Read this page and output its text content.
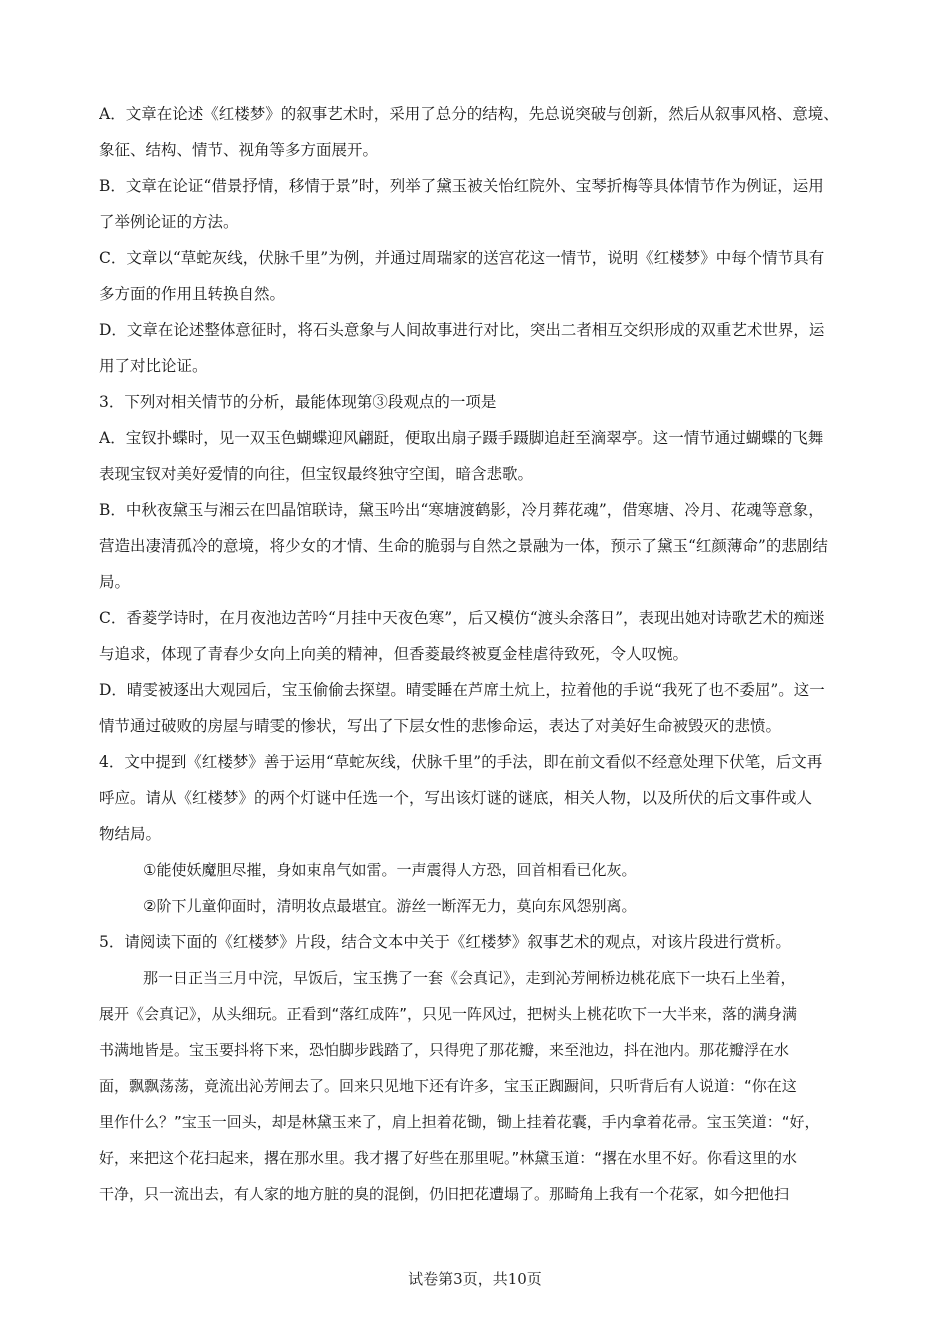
A．文章在论述《红楼梦》的叙事艺术时，采用了总分的结构，先总说突破与创新，然后从叙事风格、意境、
象征、结构、情节、视角等多方面展开。

B．文章在论证“借景抒情，移情于景”时，列举了黛玉被关怡红院外、宝琴折梅等具体情节作为例证，运用
了举例论证的方法。

C．文章以“草蛇灰线，伏脉千里”为例，并通过周瑞家的送宫花这一情节，说明《红楼梦》中每个情节具有
多方面的作用且转换自然。

D．文章在论述整体意征时，将石头意象与人间故事进行对比，突出二者相互交织形成的双重艺术世界，运
用了对比论证。

3．下列对相关情节的分析，最能体现第③段观点的一项是

A．宝钗扑蝶时，见一双玉色蝴蝶迎风翩跹，便取出扇子蹑手蹑脚追赶至滴翠亭。这一情节通过蝴蝶的飞舞
表现宝钗对美好爱情的向往，但宝钗最终独守空闺，暗含悲歌。

B．中秋夜黛玉与湘云在凹晶馆联诗，黛玉吟出“寒塘渡鹤影，冷月葬花魂”，借寒塘、冷月、花魂等意象，
营造出凄清孤冷的意境，将少女的才情、生命的脆弱与自然之景融为一体，预示了黛玉“红颜薄命”的悲剧结
局。

C．香菱学诗时，在月夜池边苦吟“月挂中天夜色寒”，后又模仿“渡头余落日”，表现出她对诗歌艺术的痴迷
与追求，体现了青春少女向上向美的精神，但香菱最终被夏金桂虐待致死，令人叹惋。

D．晴雯被逐出大观园后，宝玉偷偷去探望。晴雯睡在芦席土炕上，拉着他的手说“我死了也不委屈”。这一
情节通过破败的房屋与晴雯的惨状，写出了下层女性的悲惨命运，表达了对美好生命被毁灭的悲愤。

4．文中提到《红楼梦》善于运用“草蛇灰线，伏脉千里”的手法，即在前文看似不经意处理下伏笔，后文再
呼应。请从《红楼梦》的两个灯谜中任选一个，写出该灯谜的谜底，相关人物，以及所伏的后文事件或人
物结局。

①能使妖魔胆尽摧，身如束帛气如雷。一声震得人方恐，回首相看已化灰。
②阶下儿童仰面时，清明妆点最堪宜。游丝一断浑无力，莫向东风怨别离。

5．请阅读下面的《红楼梦》片段，结合文本中关于《红楼梦》叙事艺术的观点，对该片段进行赏析。

那一日正当三月中浣，早饭后，宝玉携了一套《会真记》，走到沁芳闸桥边桃花底下一块石上坐着，
展开《会真记》，从头细玩。正看到“落红成阵”，只见一阵风过，把树头上桃花吹下一大半来，落的满身满
书满地皆是。宝玉要抖将下来，恐怕脚步践踏了，只得兜了那花瓣，来至池边，抖在池内。那花瓣浮在水
面，飘飘荡荡，竟流出沁芳闸去了。回来只见地下还有许多，宝玉正踟蹰间，只听背后有人说道：“你在这
里作什么？”宝玉一回头，却是林黛玉来了，肩上担着花锄，锄上挂着花囊，手内拿着花帚。宝玉笑道：“好，
好，来把这个花扫起来，撂在那水里。我才撂了好些在那里呢。”林黛玉道：“撂在水里不好。你看这里的水
干净，只一流出去，有人家的地方脏的臭的混倒，仍旧把花遭塌了。那畸角上我有一个花冢，如今把他扫

试卷第3页，共10页
